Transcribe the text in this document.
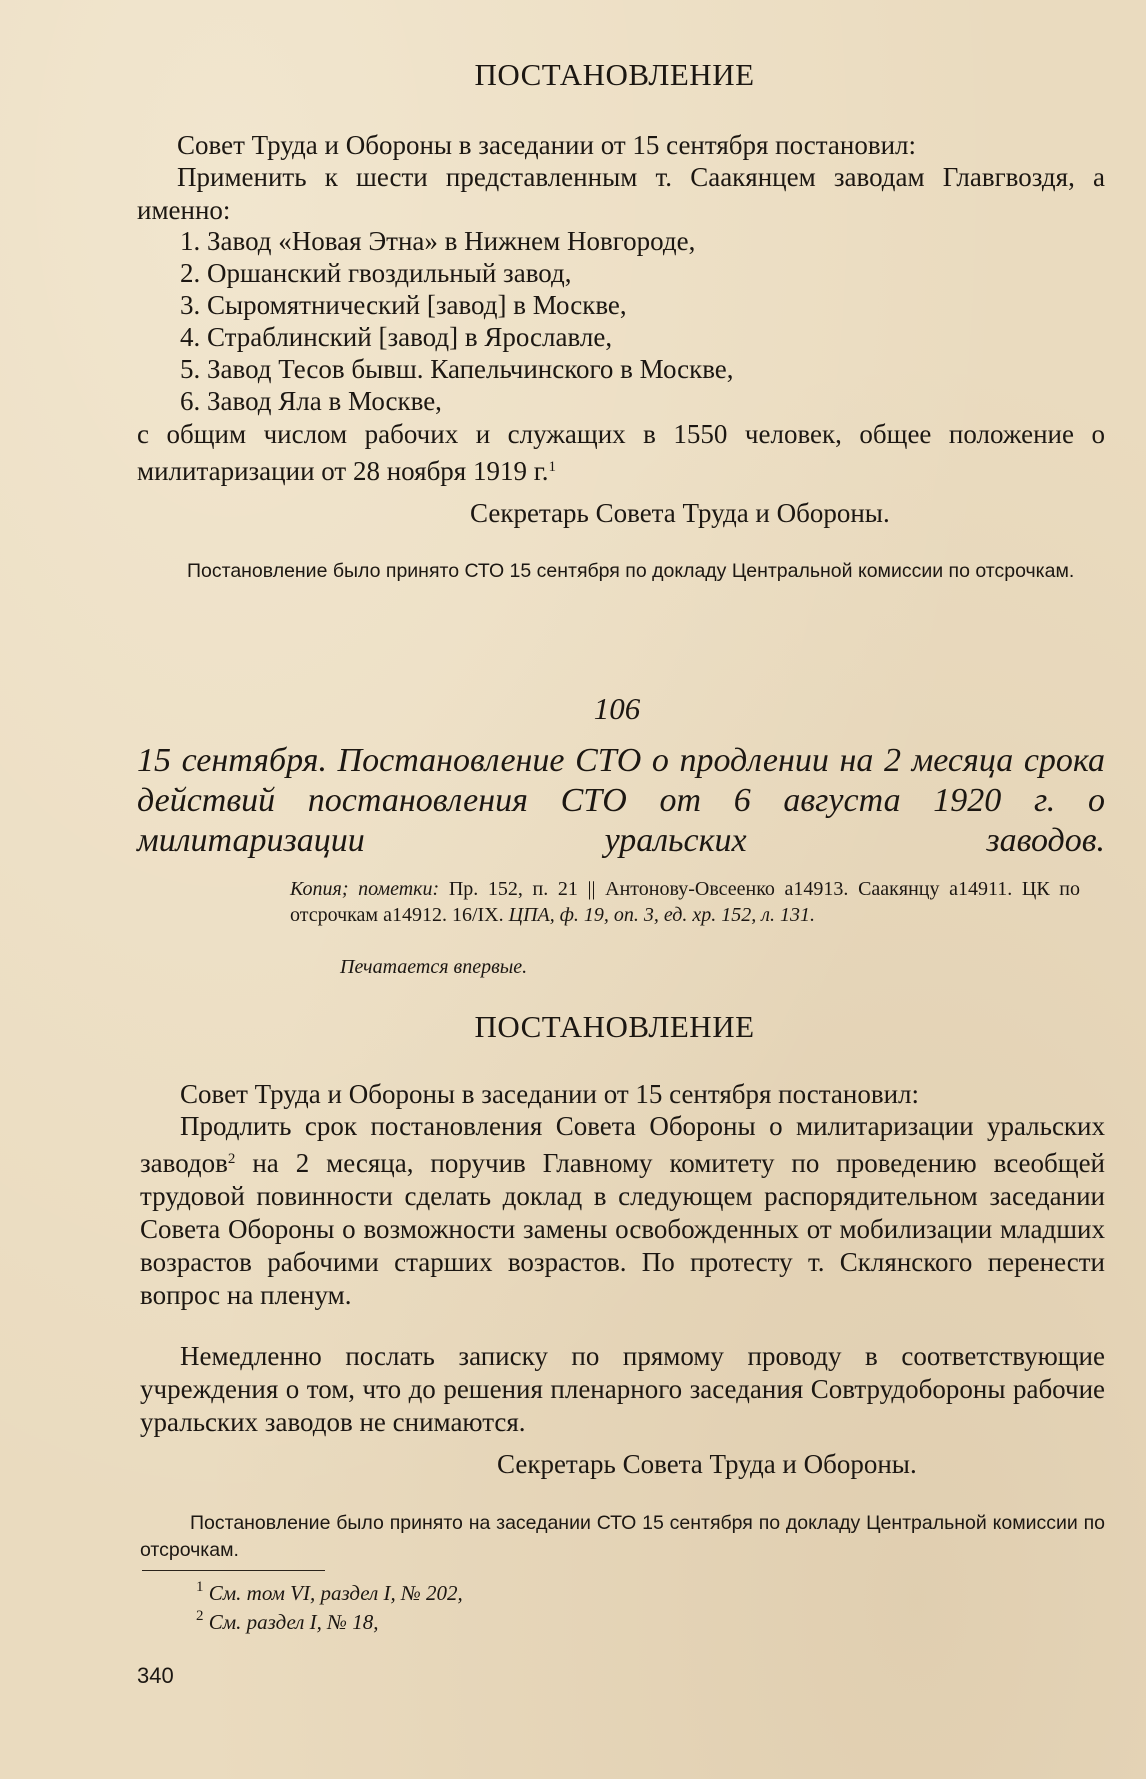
ПОСТАНОВЛЕНИЕ

Совет Труда и Обороны в заседании от 15 сентября постановил:

Применить к шести представленным т. Саакянцем заводам Главгвоздя, а именно:

1. Завод «Новая Этна» в Нижнем Новгороде,
2. Оршанский гвоздильный завод,
3. Сыромятнический [завод] в Москве,
4. Страблинский [завод] в Ярославле,
5. Завод Тесов бывш. Капельчинского в Москве,
6. Завод Яла в Москве,

с общим числом рабочих и служащих в 1550 человек, общее положение о милитаризации от 28 ноября 1919 г.$^1$

Секретарь Совета Труда и Обороны.

Постановление было принято СТО 15 сентября по докладу Центральной комиссии по отсрочкам.

106

15 сентября. Постановление СТО о продлении на 2 месяца срока действий постановления СТО от 6 августа 1920 г. о милитаризации уральских заводов.

Копия; пометки: Пр. 152, п. 21 || Антонову-Овсеенко а14913. Саакянцу а14911. ЦК по отсрочкам а14912. 16/IX. ЦПА, ф. 19, оп. 3, ед. хр. 152, л. 131.

Печатается впервые.

ПОСТАНОВЛЕНИЕ

Совет Труда и Обороны в заседании от 15 сентября постановил:

Продлить срок постановления Совета Обороны о милитаризации уральских заводов$^2$ на 2 месяца, поручив Главному комитету по проведению всеобщей трудовой повинности сделать доклад в следующем распорядительном заседании Совета Обороны о возможности замены освобожденных от мобилизации младших возрастов рабочими старших возрастов. По протесту т. Склянского перенести вопрос на пленум.

Немедленно послать записку по прямому проводу в соответствующие учреждения о том, что до решения пленарного заседания Совтрудобороны рабочие уральских заводов не снимаются.

Секретарь Совета Труда и Обороны.

Постановление было принято на заседании СТО 15 сентября по докладу Центральной комиссии по отсрочкам.

$^1$ См. том VI, раздел I, № 202,
$^2$ См. раздел I, № 18,
340
